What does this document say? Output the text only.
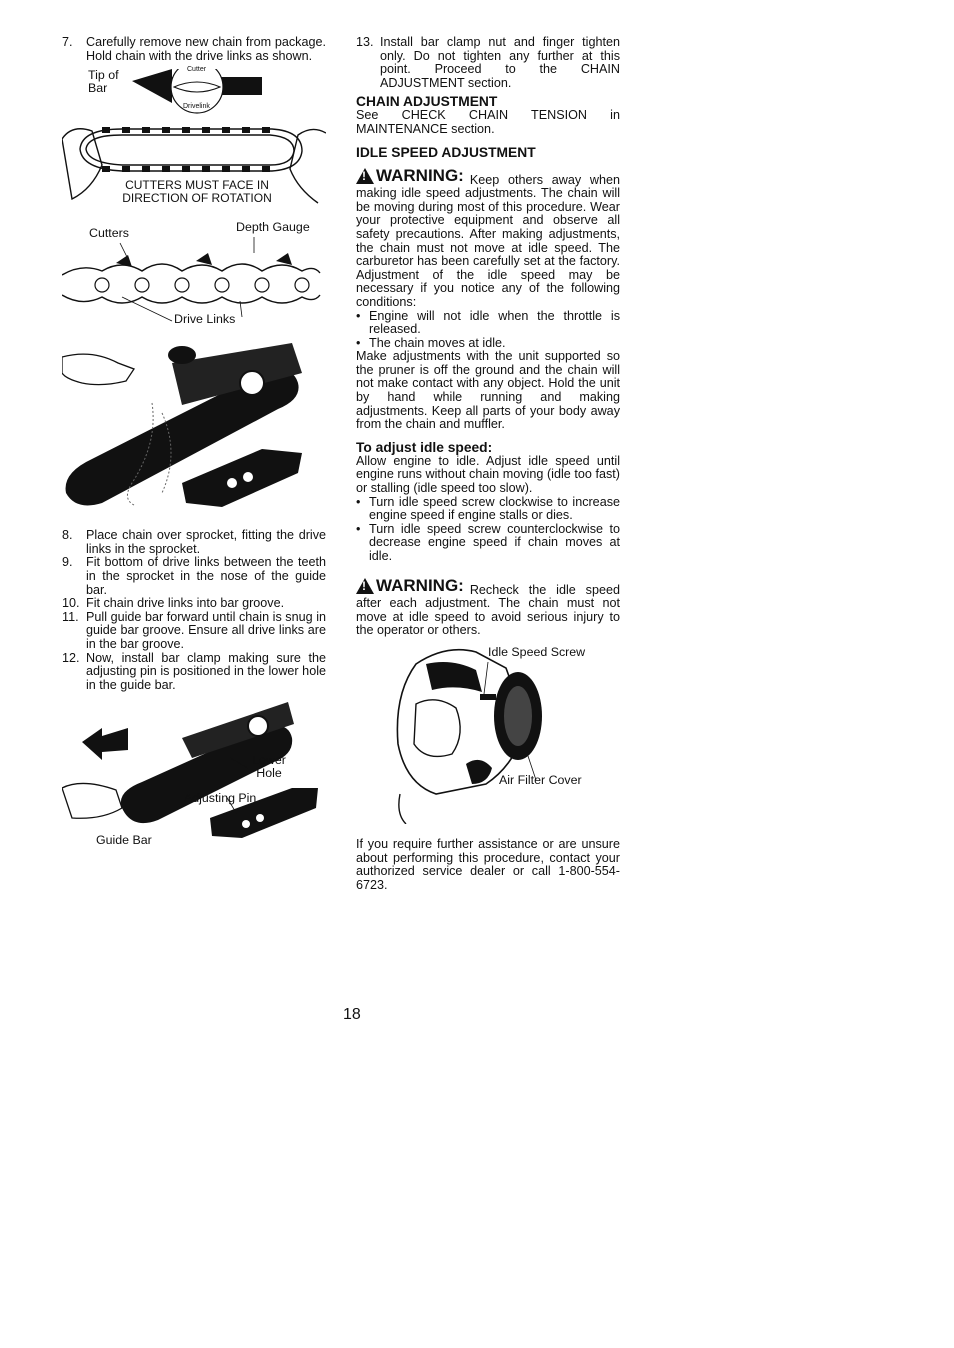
7.	Carefully remove new chain from package. Hold chain with the drive links as shown.
Tip of Bar
Cutter
Drivelink
CUTTERS MUST FACE IN DIRECTION OF ROTATION
Cutters	Depth Gauge
Drive Links
8.	Place chain over sprocket, fitting the drive links in the sprocket.
9.	Fit bottom of drive links between the teeth in the sprocket in the nose of the guide bar.
10. Fit chain drive links into bar groove.
11. Pull guide bar forward until chain is snug in guide bar groove. Ensure all drive links are in the bar groove.
12. Now, install bar clamp making sure the adjusting pin is positioned in the lower hole in the guide bar.
Lower Hole
Adjusting Pin
Guide Bar
13. Install bar clamp nut and finger tighten only. Do not tighten any further at this point. Proceed to the CHAIN ADJUSTMENT section.
CHAIN ADJUSTMENT

See CHECK CHAIN TENSION in MAINTENANCE section.

IDLE SPEED ADJUSTMENT

!
WARNING: Keep others away when making idle speed adjustments. The chain will be moving during most of this procedure. Wear your protective equipment and observe all safety precautions. After making adjustments, the chain must not move at idle speed. The carburetor has been carefully set at the factory. Adjustment of the idle speed may be necessary if you notice any of the following conditions:

• Engine will not idle when the throttle is released.
• The chain moves at idle.

Make adjustments with the unit supported so the pruner is off the ground and the chain will not make contact with any object. Hold the unit by hand while running and making adjustments. Keep all parts of your body away from the chain and muffler.

To adjust idle speed:

Allow engine to idle. Adjust idle speed until engine runs without chain moving (idle too fast) or stalling (idle speed too slow).

• Turn idle speed screw clockwise to increase engine speed if engine stalls or dies.
• Turn idle speed screw counterclockwise to decrease engine speed if chain moves at idle.

!
WARNING: Recheck the idle speed after each adjustment. The chain must not move at idle speed to avoid serious injury to the operator or others.

Idle Speed Screw
Air Filter Cover

If you require further assistance or are unsure about performing this procedure, contact your authorized service dealer or call 1-800-554-6723.

18
